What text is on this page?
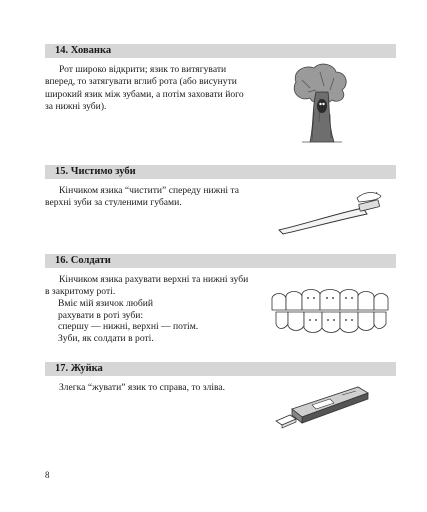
14. Хованка
Рот широко відкрити; язик то витягувати вперед, то затягувати вглиб рота (або висунути широкий язик між зубами, а потім заховати його за нижні зуби).
15. Чистимо зуби
Кінчиком язика “чистити” спереду нижні та верхні зуби за стуленими губами.
16. Солдати
Кінчиком язика рахувати верхні та нижні зуби в закритому роті.
Вміє мій язичок любий
рахувати в роті зуби:
спершу — нижні, верхні — потім.
Зуби, як солдати в роті.
17. Жуйка
Злегка “жувати” язик то справа, то зліва.
8
